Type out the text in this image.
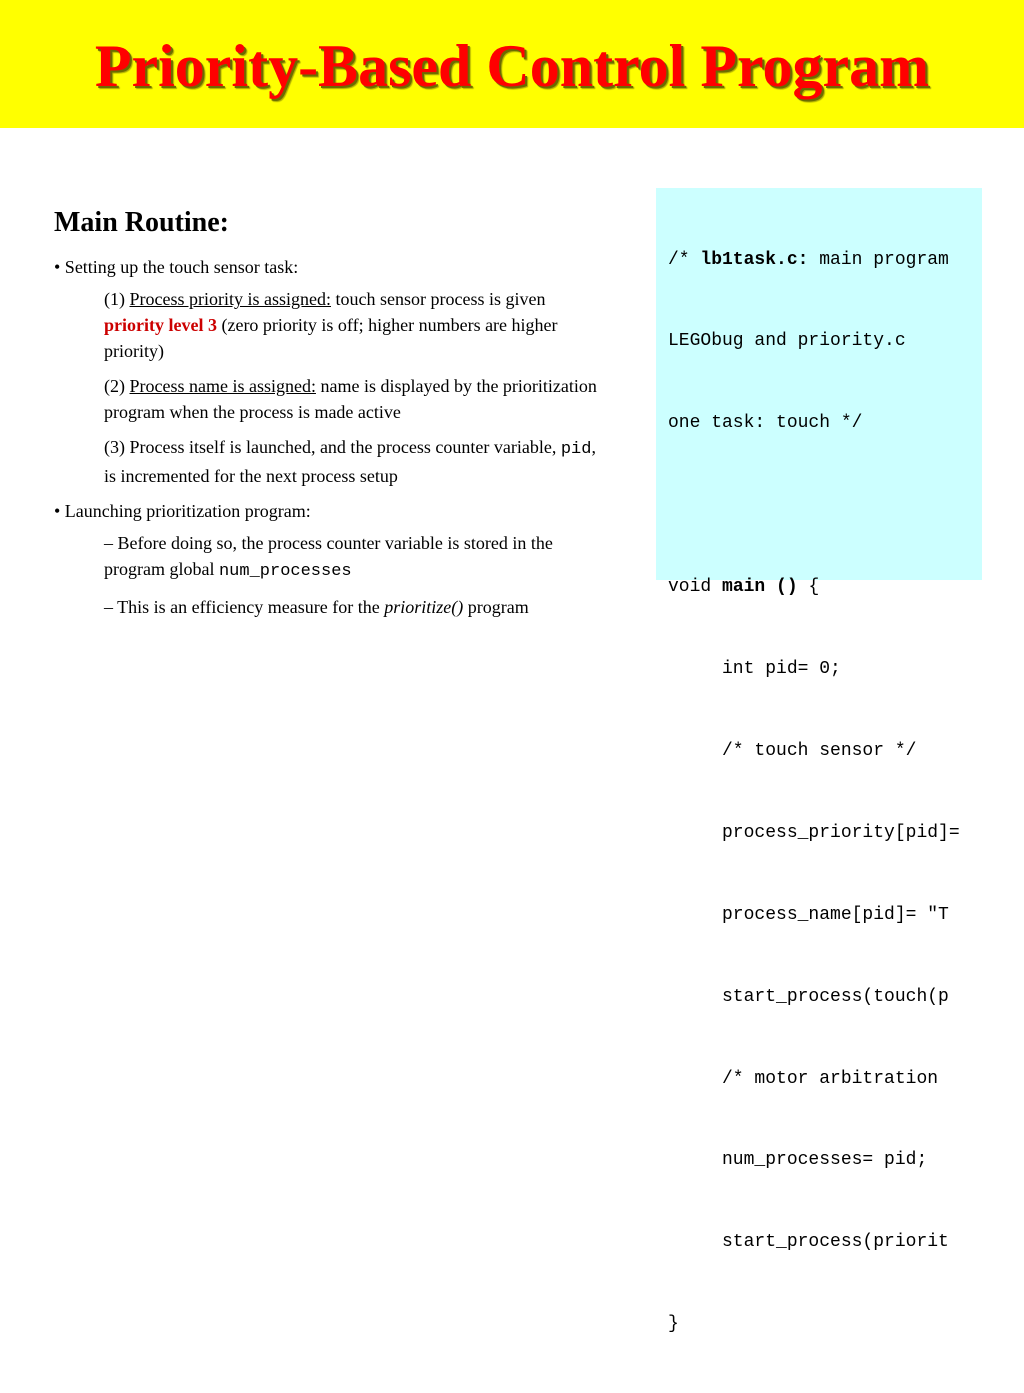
Priority-Based Control Program
Main Routine:
• Setting up the touch sensor task:
(1) Process priority is assigned: touch sensor process is given priority level 3 (zero priority is off; higher numbers are higher priority)
(2) Process name is assigned: name is displayed by the prioritization program when the process is made active
(3) Process itself is launched, and the process counter variable, pid, is incremented for the next process setup
• Launching prioritization program:
– Before doing so, the process counter variable is stored in the program global num_processes
– This is an efficiency measure for the prioritize() program

/* lb1task.c: main program

LEGObug and priority.c

one task: touch */

void main () {

int pid= 0;

/* touch sensor */

process_priority[pid]=

process_name[pid]= "T

start_process(touch(p

/* motor arbitration

num_processes= pid;

start_process(priorit

}
